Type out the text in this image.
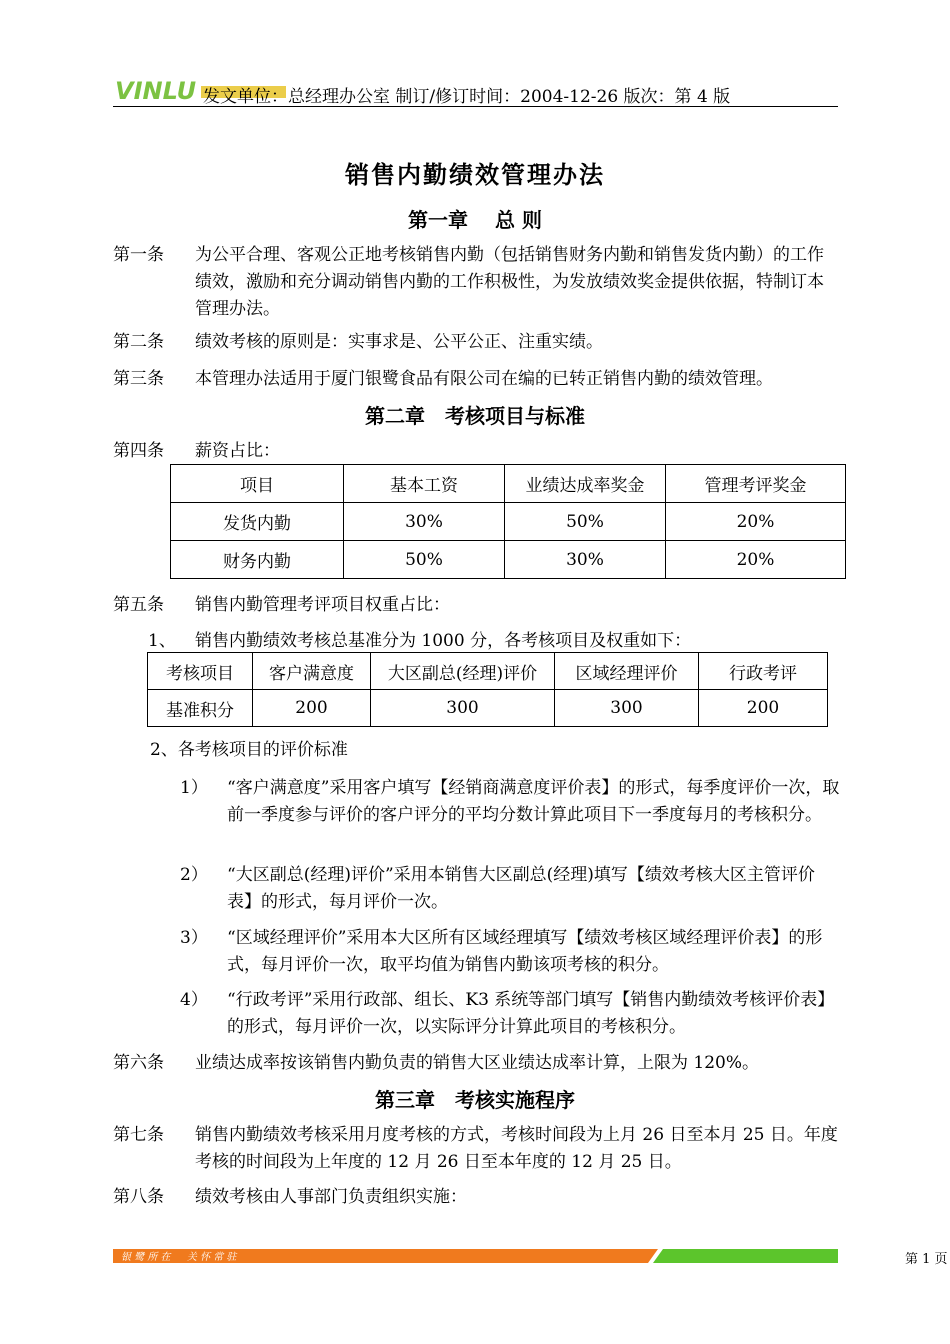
VINLU 发文单位：总经理办公室 制订/修订时间：2004-12-26 版次：第 4 版
销售内勤绩效管理办法
第一章　 总 则
第一条 为公平合理、客观公正地考核销售内勤（包括销售财务内勤和销售发货内勤）的工作绩效，激励和充分调动销售内勤的工作积极性，为发放绩效奖金提供依据，特制订本管理办法。
第二条 绩效考核的原则是：实事求是、公平公正、注重实绩。
第三条 本管理办法适用于厦门银鹭食品有限公司在编的已转正销售内勤的绩效管理。
第二章　考核项目与标准
第四条 薪资占比：
项目	基本工资	业绩达成率奖金	管理考评奖金
发货内勤	30%	50%	20%
财务内勤	50%	30%	20%
第五条 销售内勤管理考评项目权重占比：
1、 销售内勤绩效考核总基准分为 1000 分，各考核项目及权重如下：
考核项目	客户满意度	大区副总(经理)评价	区域经理评价	行政考评
基准积分	200	300	300	200
2、各考核项目的评价标准
1） “客户满意度”采用客户填写【经销商满意度评价表】的形式，每季度评价一次，取前一季度参与评价的客户评分的平均分数计算此项目下一季度每月的考核积分。
2） “大区副总(经理)评价”采用本销售大区副总(经理)填写【绩效考核大区主管评价表】的形式，每月评价一次。
3） “区域经理评价”采用本大区所有区域经理填写【绩效考核区域经理评价表】的形式，每月评价一次，取平均值为销售内勤该项考核的积分。
4） “行政考评”采用行政部、组长、K3 系统等部门填写【销售内勤绩效考核评价表】的形式，每月评价一次，以实际评分计算此项目的考核积分。
第六条 业绩达成率按该销售内勤负责的销售大区业绩达成率计算，上限为 120%。
第三章　考核实施程序
第七条 销售内勤绩效考核采用月度考核的方式，考核时间段为上月 26 日至本月 25 日。年度考核的时间段为上年度的 12 月 26 日至本年度的 12 月 25 日。
第八条 绩效考核由人事部门负责组织实施：
银 鹭 所 在 　 关 怀 常 驻	第 1 页
